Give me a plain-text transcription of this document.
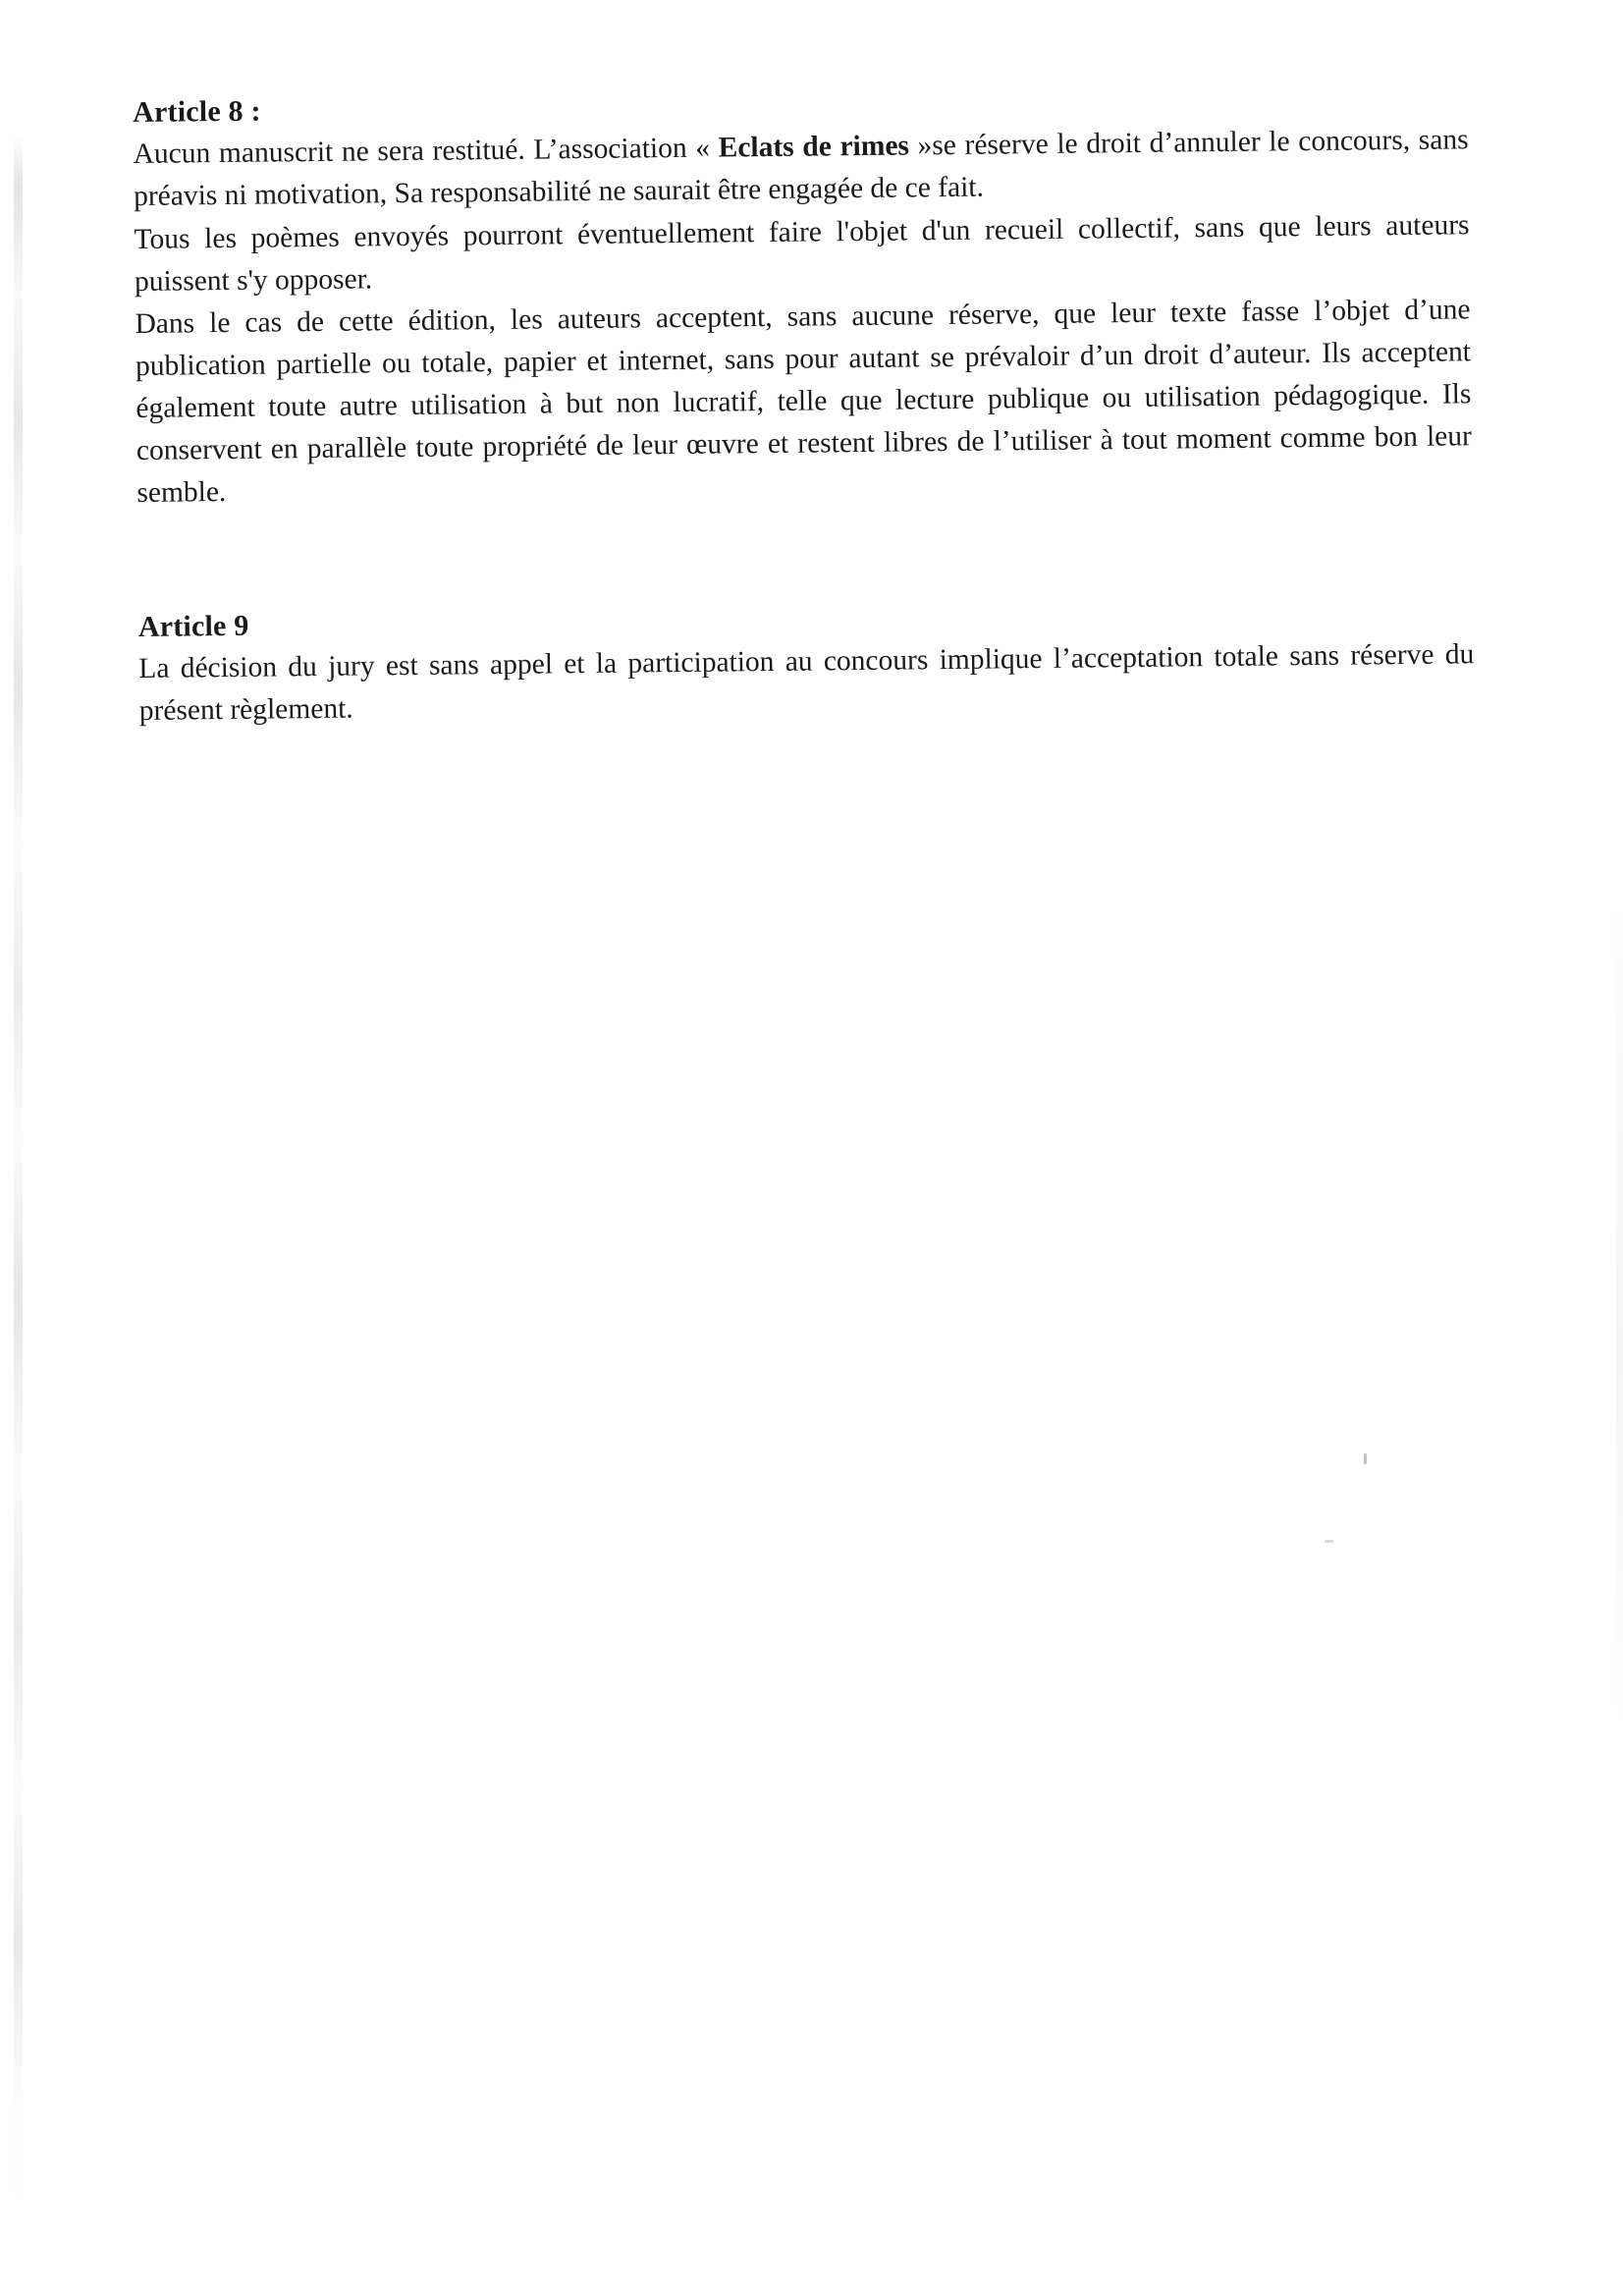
Article 8 :

Aucun manuscrit ne sera restitué. L’association « Eclats de rimes »se réserve le droit d’annuler le concours, sans préavis ni motivation, Sa responsabilité ne saurait être engagée de ce fait.

Tous les poèmes envoyés pourront éventuellement faire l'objet d'un recueil collectif, sans que leurs auteurs puissent s'y opposer.

Dans le cas de cette édition, les auteurs acceptent, sans aucune réserve, que leur texte fasse l’objet d’une publication partielle ou totale, papier et internet, sans pour autant se prévaloir d’un droit d’auteur. Ils acceptent également toute autre utilisation à but non lucratif, telle que lecture publique ou utilisation pédagogique. Ils conservent en parallèle toute propriété de leur œuvre et restent libres de l’utiliser à tout moment comme bon leur semble.

Article 9

La décision du jury est sans appel et la participation au concours implique l’acceptation totale sans réserve du présent règlement.
